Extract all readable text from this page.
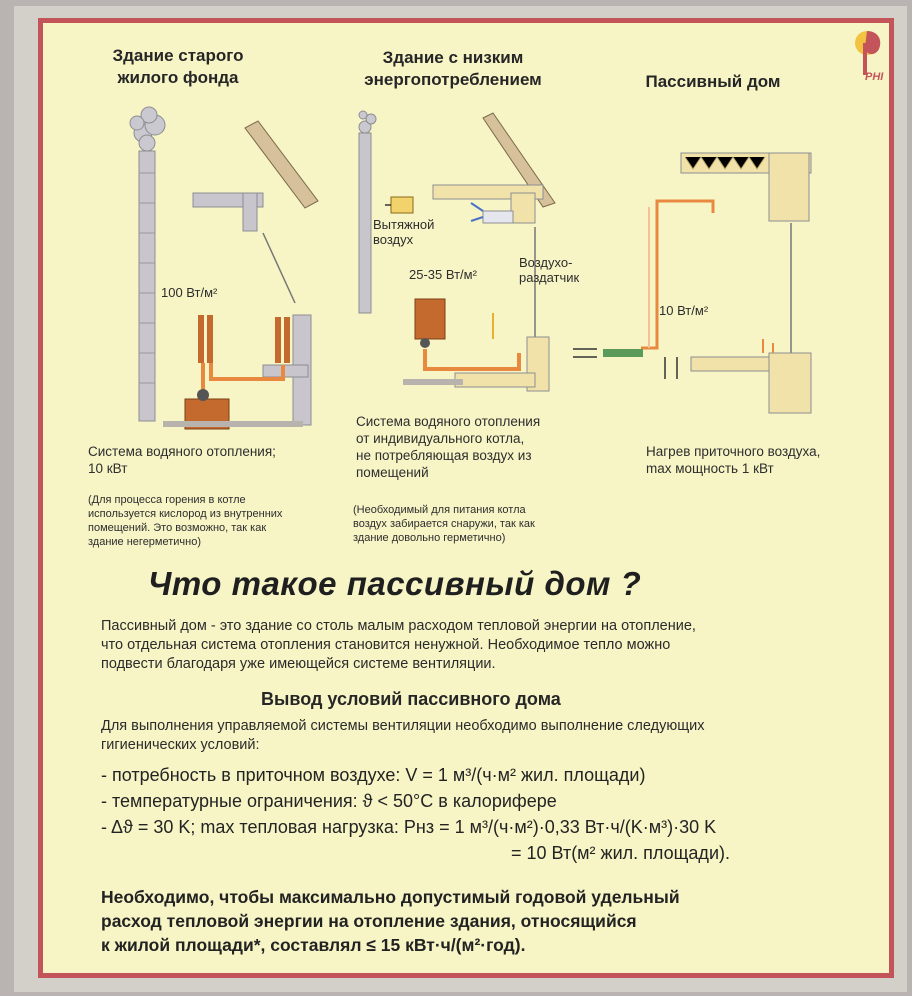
PHI
Здание старого
жилого фонда
Здание с низким
энергопотреблением	Пассивный дом
100 Вт/м²
Вытяжной
воздух
25-35 Вт/м²
Воздухо-
раздатчик
10 Вт/м²
Система водяного отопления;
10 кВт
(Для процесса горения в котле
используется кислород из внутренних
помещений. Это возможно, так как
здание негерметично)
Система водяного отопления
от индивидуального котла,
не потребляющая воздух из
помещений
(Необходимый для питания котла
воздух забирается снаружи, так как
здание довольно герметично)
Нагрев приточного воздуха,
max мощность 1 кВт
Что такое пассивный дом ?
Пассивный дом - это здание со столь малым расходом тепловой энергии на отопление,
что отдельная система отопления становится ненужной. Необходимое тепло можно
подвести благодаря уже имеющейся системе вентиляции.
Вывод условий пассивного дома
Для выполнения управляемой системы вентиляции необходимо выполнение следующих
гигиенических условий:
- потребность в приточном воздухе: V = 1 м³/(ч·м² жил. площади)
- температурные ограничения: ϑ < 50°C в калорифере
- Δϑ = 30 K; max тепловая нагрузка: Pнз = 1 м³/(ч·м²)·0,33 Вт·ч/(K·м³)·30 K
= 10 Вт(м² жил. площади).
Необходимо, чтобы максимально допустимый годовой удельный
расход тепловой энергии на отопление здания, относящийся
к жилой площади*, составлял ≤ 15 кВт·ч/(м²·год).
